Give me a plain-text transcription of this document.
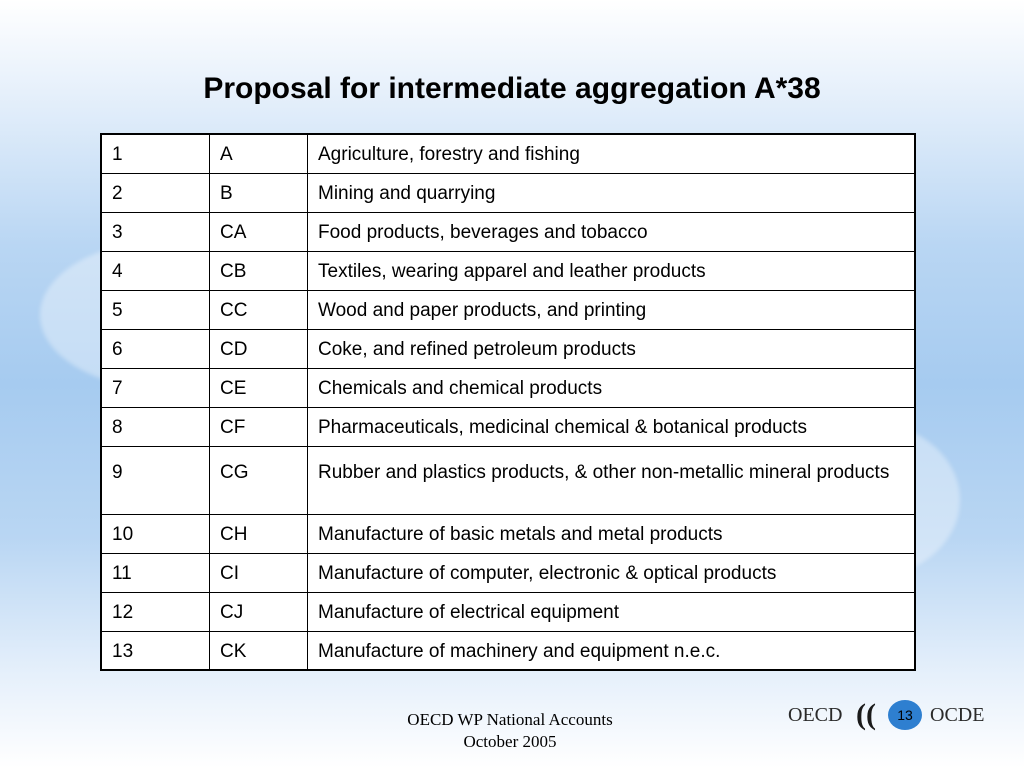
Proposal for intermediate aggregation A*38
1	A	Agriculture, forestry and fishing
2	B	Mining and quarrying
3	CA	Food products, beverages and tobacco
4	CB	Textiles, wearing apparel and leather products
5	CC	Wood and paper products, and printing
6	CD	Coke, and refined petroleum products
7	CE	Chemicals and chemical products
8	CF	Pharmaceuticals, medicinal chemical & botanical products
9	CG	Rubber and plastics products, & other non-metallic mineral products
10	CH	Manufacture of basic metals and metal products
11	CI	Manufacture of computer, electronic & optical products
12	CJ	Manufacture of electrical equipment
13	CK	Manufacture of machinery and equipment n.e.c.
OECD WP National Accounts
October 2005
OECD ((	13 OCDE
